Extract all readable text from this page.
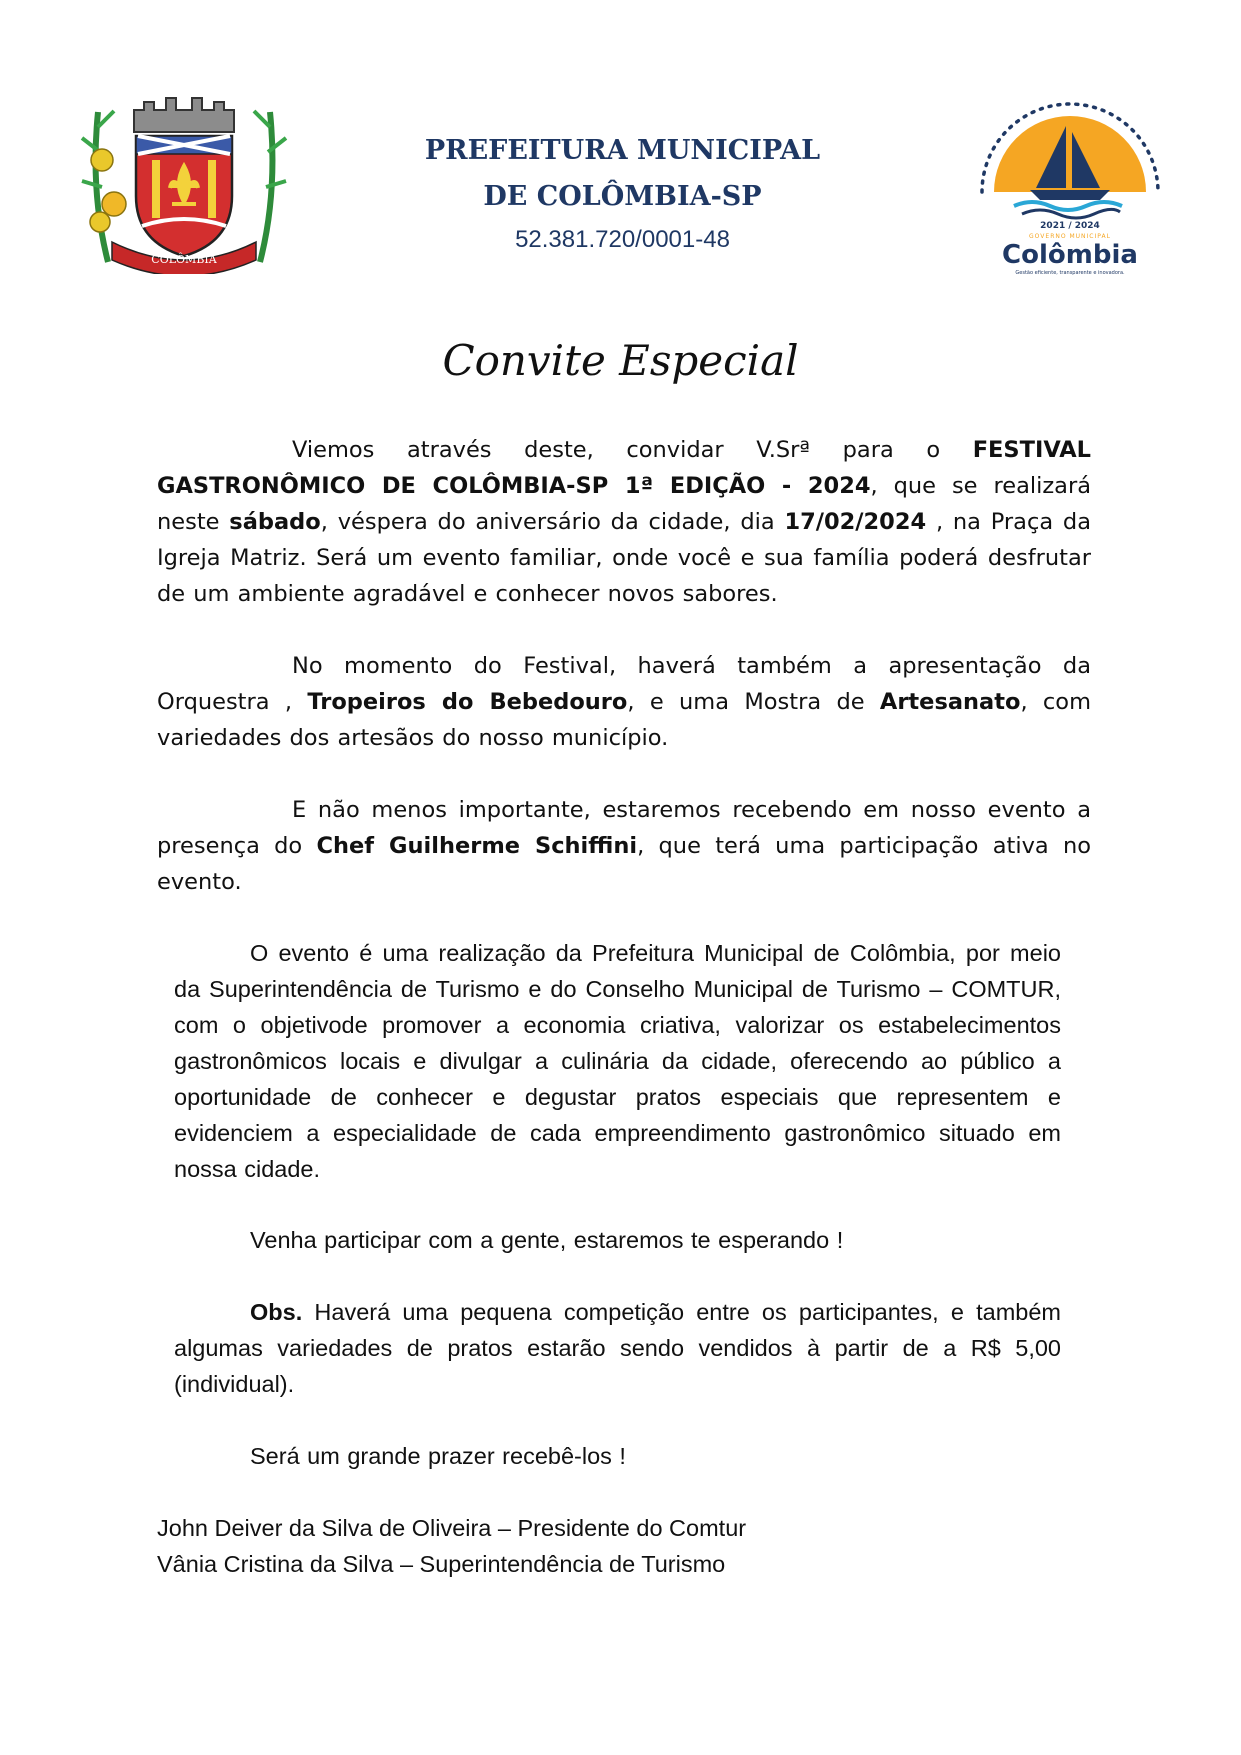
COLÔMBIA

PREFEITURA MUNICIPAL

DE COLÔMBIA-SP

52.381.720/0001-48	2021 / 2024
GOVERNO MUNICIPAL
Colômbia
Gestão eficiente, transparente e inovadora.
Convite Especial

Viemos através deste, convidar V.Srª para o FESTIVAL GASTRONÔMICO DE COLÔMBIA-SP 1ª EDIÇÃO - 2024, que se realizará neste sábado, véspera do aniversário da cidade, dia 17/02/2024 , na Praça da Igreja Matriz. Será um evento familiar, onde você e sua família poderá desfrutar de um ambiente agradável e conhecer novos sabores.

No momento do Festival, haverá também a apresentação da Orquestra , Tropeiros do Bebedouro, e uma Mostra de Artesanato, com variedades dos artesãos do nosso município.

E não menos importante, estaremos recebendo em nosso evento a presença do Chef Guilherme Schiffini, que terá uma participação ativa no evento.

O evento é uma realização da Prefeitura Municipal de Colômbia, por meio da Superintendência de Turismo e do Conselho Municipal de Turismo – COMTUR, com o objetivode promover a economia criativa, valorizar os estabelecimentos gastronômicos locais e divulgar a culinária da cidade, oferecendo ao público a oportunidade de conhecer e degustar pratos especiais que representem e evidenciem a especialidade de cada empreendimento gastronômico situado em nossa cidade.

Venha participar com a gente, estaremos te esperando !

Obs. Haverá uma pequena competição entre os participantes, e também algumas variedades de pratos estarão sendo vendidos à partir de a R$ 5,00 (individual).

Será um grande prazer recebê-los !

John Deiver da Silva de Oliveira – Presidente do Comtur
Vânia Cristina da Silva – Superintendência de Turismo
